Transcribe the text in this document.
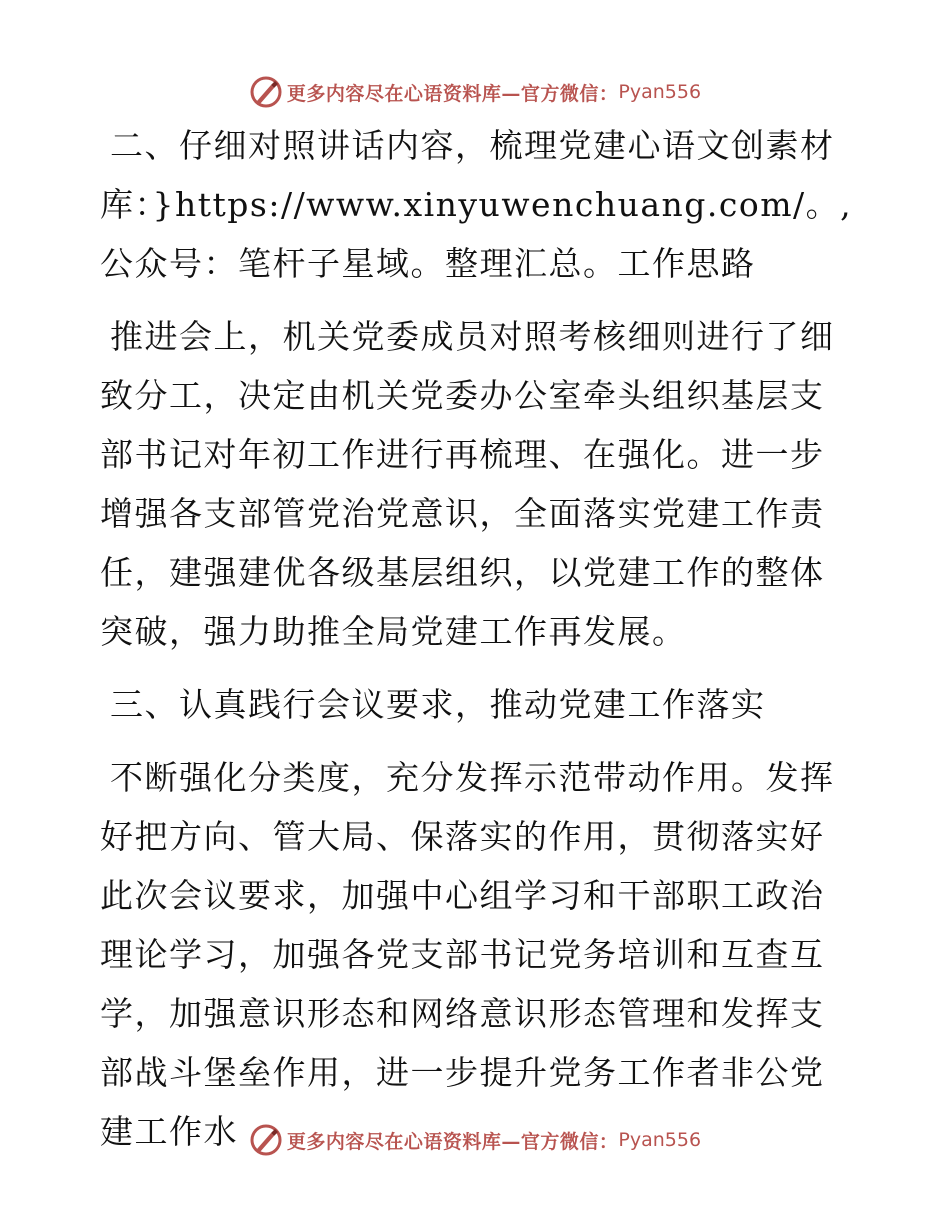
更多内容尽在心语资料库—官方微信： Pyan556

二、仔细对照讲话内容，梳理党建心语文创素材库：}https://www.xinyuwenchuang.com/。,公众号：笔杆子星域。整理汇总。工作思路

推进会上，机关党委成员对照考核细则进行了细致分工，决定由机关党委办公室牵头组织基层支部书记对年初工作进行再梳理、在强化。进一步增强各支部管党治党意识，全面落实党建工作责任，建强建优各级基层组织，以党建工作的整体突破，强力助推全局党建工作再发展。

三、认真践行会议要求，推动党建工作落实

不断强化分类度，充分发挥示范带动作用。发挥好把方向、管大局、保落实的作用，贯彻落实好此次会议要求，加强中心组学习和干部职工政治理论学习，加强各党支部书记党务培训和互查互学，加强意识形态和网络意识形态管理和发挥支部战斗堡垒作用，进一步提升党务工作者非公党建工作水	更多内容尽在心语资料库—官方微信： Pyan556
